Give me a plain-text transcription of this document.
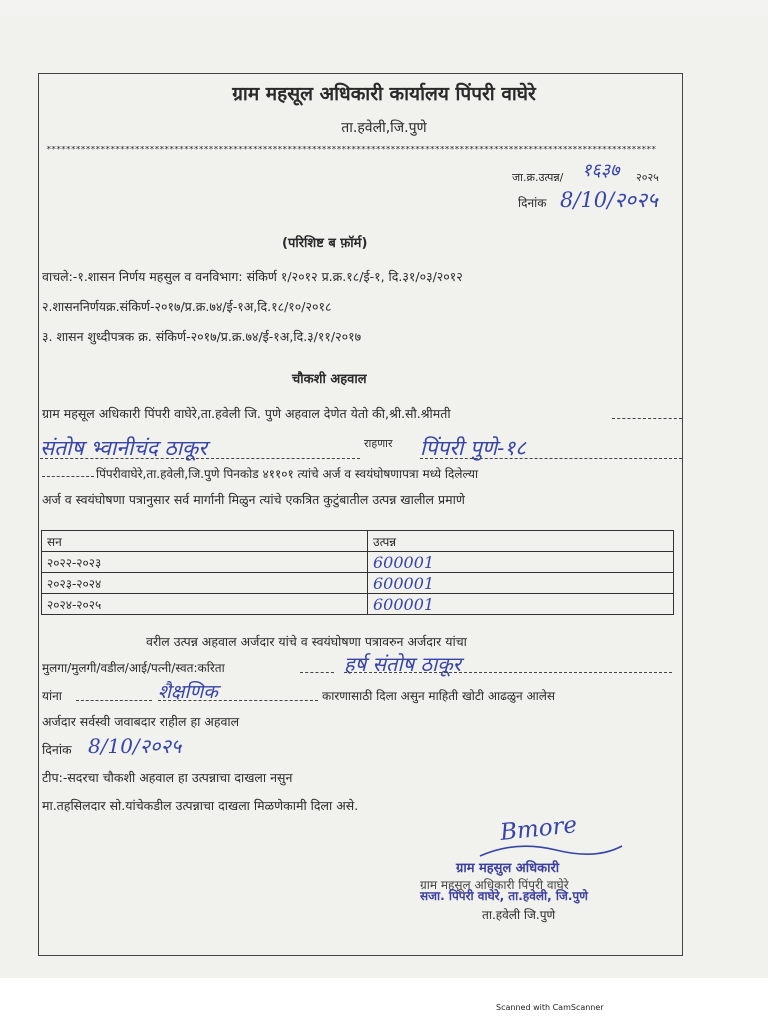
ग्राम महसूल अधिकारी कार्यालय पिंपरी वाघेरे
ता.हवेली,जि.पुणे
****************************************************************************************************************************
जा.क्र.उत्पन्न/ १६३७ २०२५
दिनांक 8/10/२०२५
(परिशिष्ट ब फ़ॉर्म)
वाचले:-१.शासन निर्णय महसुल व वनविभाग: संकिर्ण १/२०१२ प्र.क्र.१८/ई-१, दि.३१/०३/२०१२
२.शासननिर्णयक्र.संकिर्ण-२०१७/प्र.क्र.७४/ई-१अ,दि.१८/१०/२०१८
३. शासन शुध्दीपत्रक क्र. संकिर्ण-२०१७/प्र.क्र.७४/ई-१अ,दि.३/११/२०१७
चौकशी अहवाल
ग्राम महसूल अधिकारी पिंपरी वाघेरे,ता.हवेली जि. पुणे अहवाल देणेत येतो की,श्री.सौ.श्रीमती
संतोष भ्वानीचंद ठाकूर	राहणार पिंपरी पुणे-१८
पिंपरीवाघेरे,ता.हवेली,जि.पुणे पिनकोड ४११०१ त्यांचे अर्ज व स्वयंघोषणापत्रा मध्ये दिलेल्या
अर्ज व स्वयंघोषणा पत्रानुसार सर्व मार्गानी मिळुन त्यांचे एकत्रित कुटुंबातील उत्पन्न खालील प्रमाणे
सन	उत्पन्न
२०२२-२०२३	600001
२०२३-२०२४	600001
२०२४-२०२५	600001
वरील उत्पन्न अहवाल अर्जदार यांचे व स्वयंघोषणा पत्रावरुन अर्जदार यांचा
मुलगा/मुलगी/वडील/आई/पत्नी/स्वत:करिता	हर्ष संतोष ठाकूर
यांना	शैक्षणिक	कारणासाठी दिला असुन माहिती खोटी आढळुन आलेस
अर्जदार सर्वस्वी जवाबदार राहील हा अहवाल
दिनांक 8/10/२०२५
टीप:-सदरचा चौकशी अहवाल हा उत्पन्नाचा दाखला नसुन
मा.तहसिलदार सो.यांचेकडील उत्पन्नाचा दाखला मिळणेकामी दिला असे.
Bmore
ग्राम महसुल अधिकारी
ग्राम महसूल अधिकारी पिंपरी वाघेरे
सजा. पिंपरी वाघेरे, ता.हवेली, जि.पुणे
ता.हवेली जि.पुणे
Scanned with CamScanner
